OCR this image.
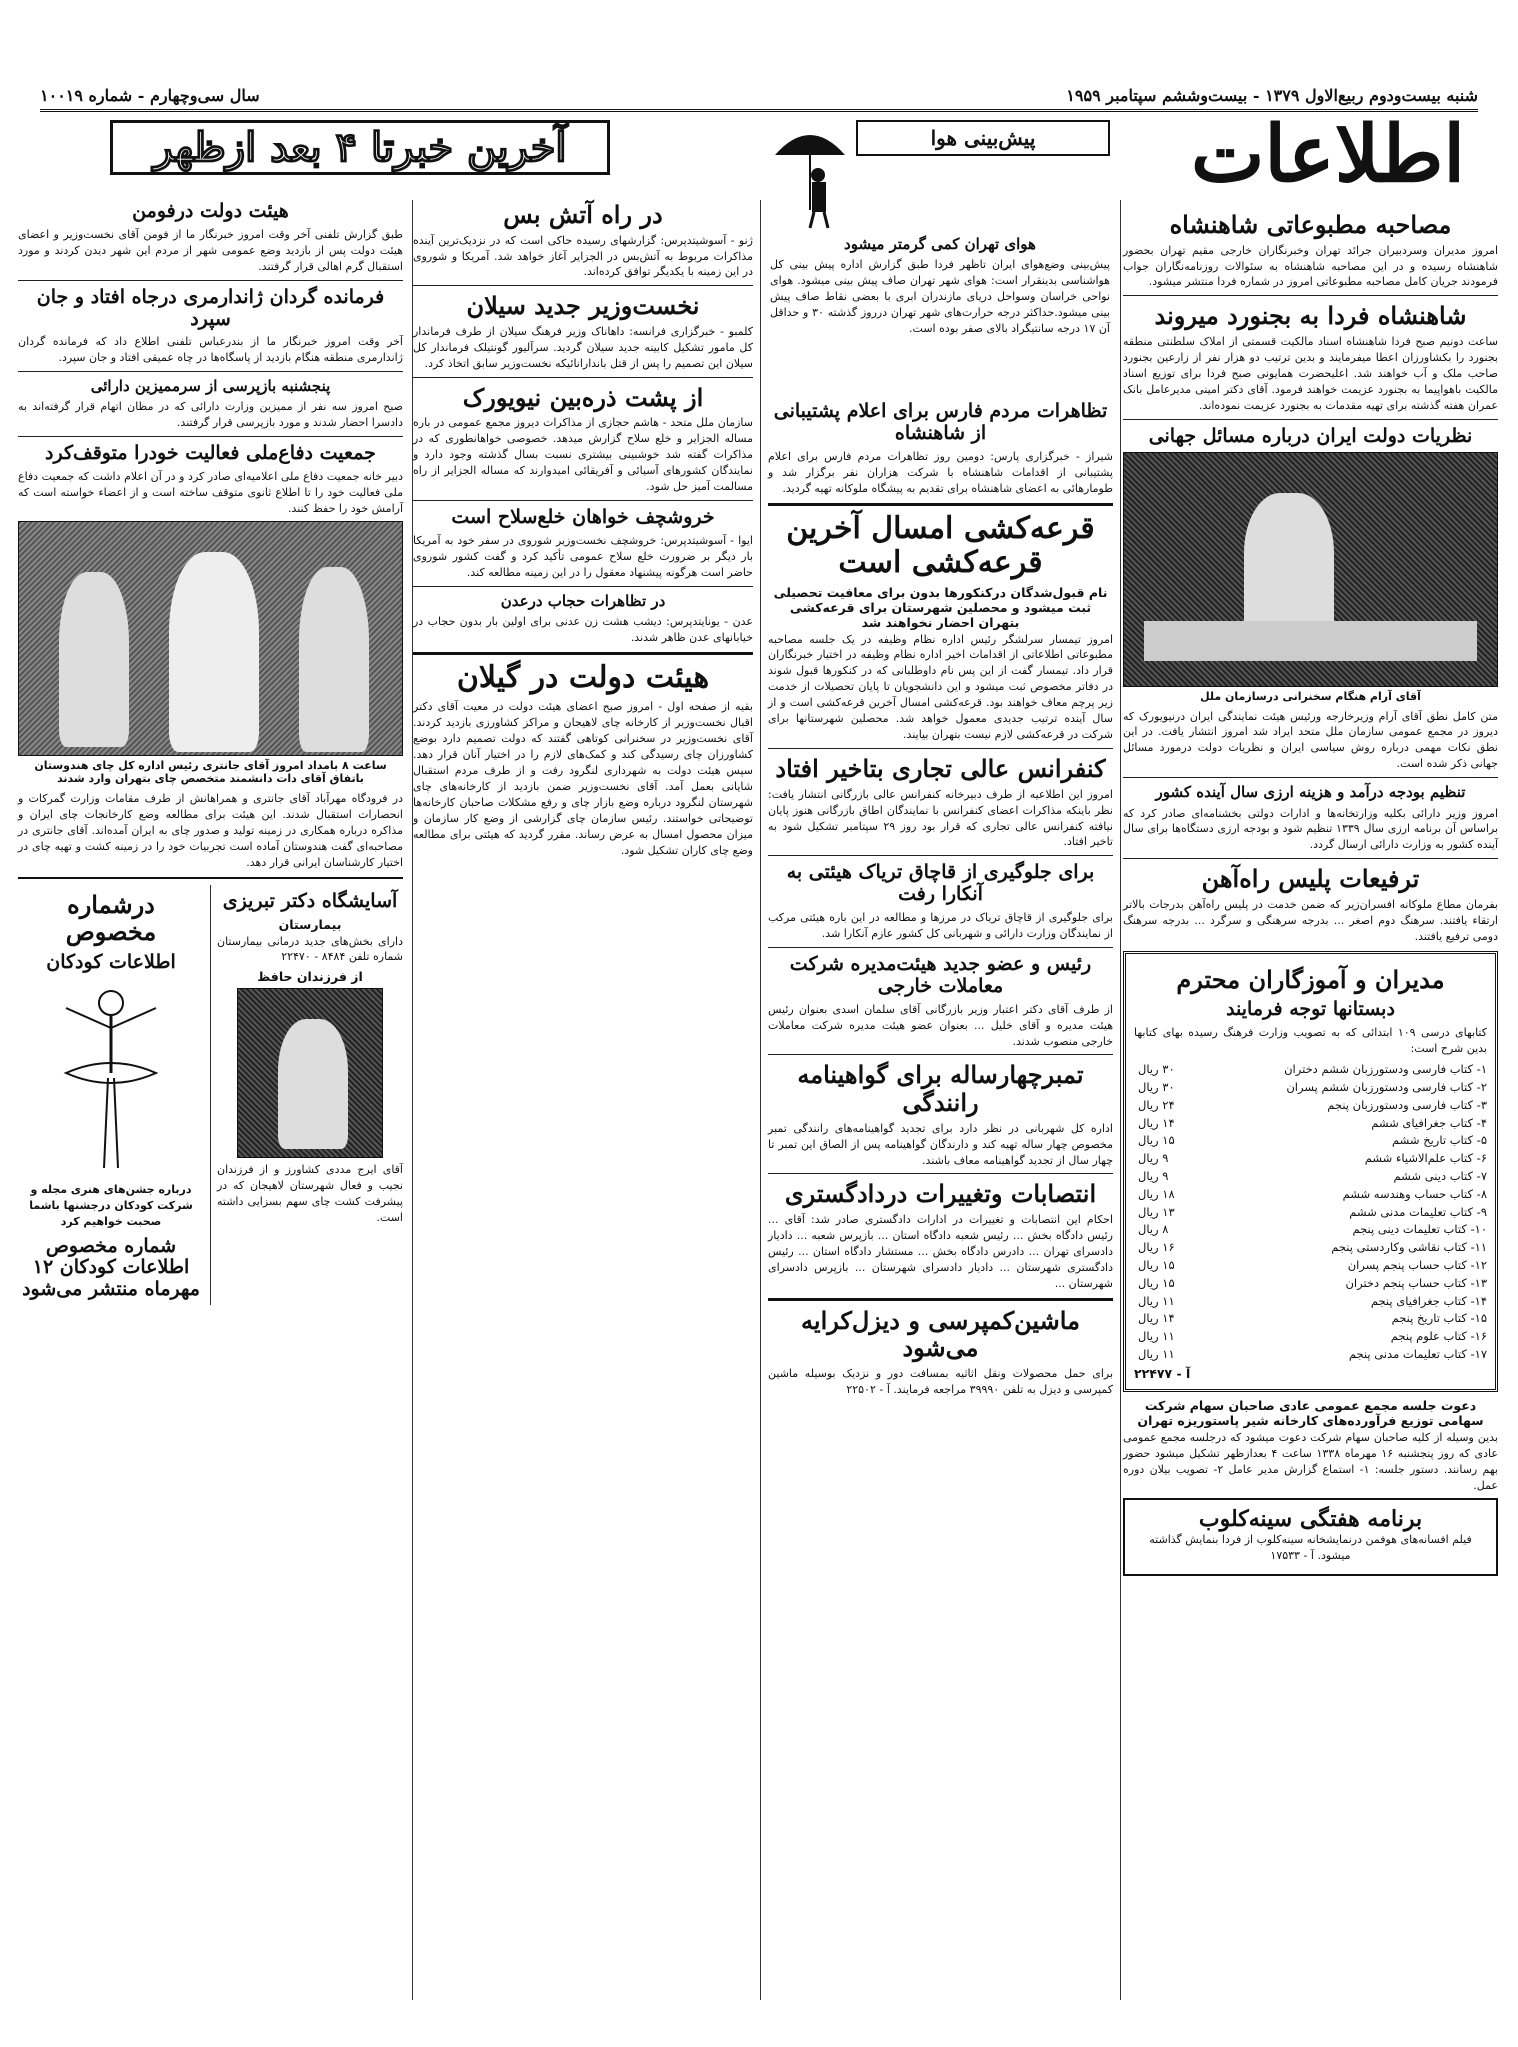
شنبه بیست‌ودوم ربیع‌الاول ۱۳۷۹ - بیست‌وششم سپتامبر ۱۹۵۹
سال سی‌وچهارم - شماره ۱۰۰۱۹
اطلاعات
آخرین خبرتا ۴ بعد ازظهر	پیش‌بینی هوا
هوای تهران کمی گرمتر میشود
پیش‌بینی وضع‌هوای ایران تاظهر فردا طبق گزارش اداره پیش بینی کل هواشناسی بدینقرار است: هوای شهر تهران صاف پیش بینی میشود. هوای نواحی خراسان وسواحل دریای مازندران ابری با بعضی نقاط صاف پیش بینی میشود.حداکثر درجه حرارت‌های شهر تهران درروز گذشته ۳۰ و حداقل آن ۱۷ درجه سانتیگراد بالای صفر بوده است.
مصاحبه مطبوعاتی شاهنشاه
امروز مدیران وسردبیران جرائد تهران وخبرنگاران خارجی مقیم تهران بحضور شاهنشاه رسیده و در این مصاحبه شاهنشاه به سئوالات روزنامه‌نگاران جواب فرمودند جریان کامل مصاحبه مطبوعاتی امروز در شماره فردا منتشر میشود.
شاهنشاه فردا به بجنورد میروند
ساعت دونیم صبح فردا شاهنشاه اسناد مالکیت قسمتی از املاک سلطنتی منطقه بجنورد را بکشاورزان اعطا میفرمایند و بدین ترتیب دو هزار نفر از زارعین بجنورد صاحب ملک و آب خواهند شد. اعلیحضرت همایونی صبح فردا برای توزیع اسناد مالکیت باهواپیما به بجنورد عزیمت خواهند فرمود. آقای دکتر امینی مدیرعامل بانک عمران هفته گذشته برای تهیه مقدمات به بجنورد عزیمت نموده‌اند.
نظریات دولت ایران درباره مسائل جهانی
آقای آرام هنگام سخنرانی درسازمان ملل
متن کامل نطق آقای آرام وزیرخارجه ورئیس هیئت نمایندگی ایران درنیویورک که دیروز در مجمع عمومی سازمان ملل متحد ایراد شد امروز انتشار یافت. در این نطق نکات مهمی درباره روش سیاسی ایران و نظریات دولت درمورد مسائل جهانی ذکر شده است.
تنظیم بودجه درآمد و هزینه ارزی سال آینده کشور
امروز وزیر دارائی بکلیه وزارتخانه‌ها و ادارات دولتی بخشنامه‌ای صادر کرد که براساس آن برنامه ارزی سال ۱۳۳۹ تنظیم شود و بودجه ارزی دستگاه‌ها برای سال آینده کشور به وزارت دارائی ارسال گردد.
ترفیعات پلیس راه‌آهن
بفرمان مطاع ملوکانه افسران‌زیر که ضمن خدمت در پلیس راه‌آهن بدرجات بالاتر ارتقاء یافتند. سرهنگ دوم اصغر ... بدرجه سرهنگی و سرگرد ... بدرجه سرهنگ دومی ترفیع یافتند.
مدیران و آموزگاران محترم
دبستانها توجه فرمایند
کتابهای درسی ۱۰۹ ابتدائی که به تصویب وزارت فرهنگ رسیده بهای کتابها بدین شرح است:
۱- کتاب فارسی ودستورزبان ششم دختران
۳۰ ریال
۲- کتاب فارسی ودستورزبان ششم پسران
۳۰ ریال
۳- کتاب فارسی ودستورزبان پنجم
۲۴ ریال
۴- کتاب جغرافیای ششم
۱۴ ریال
۵- کتاب تاریخ ششم
۱۵ ریال
۶- کتاب علم‌الاشیاء ششم
۹ ریال
۷- کتاب دینی ششم
۹ ریال
۸- کتاب حساب وهندسه ششم
۱۸ ریال
۹- کتاب تعلیمات مدنی ششم
۱۳ ریال
۱۰- کتاب تعلیمات دینی پنجم
۸ ریال
۱۱- کتاب نقاشی وکاردستی پنجم
۱۶ ریال
۱۲- کتاب حساب پنجم پسران
۱۵ ریال
۱۳- کتاب حساب پنجم دختران
۱۵ ریال
۱۴- کتاب جغرافیای پنجم
۱۱ ریال
۱۵- کتاب تاریخ پنجم
۱۴ ریال
۱۶- کتاب علوم پنجم
۱۱ ریال
۱۷- کتاب تعلیمات مدنی پنجم
۱۱ ریال
آ - ۲۲۴۷۷
دعوت جلسه مجمع عمومی عادی صاحبان سهام شرکت سهامی توزیع فرآورده‌های کارخانه شیر پاستوریزه تهران
بدین وسیله از کلیه صاحبان سهام شرکت دعوت میشود که درجلسه مجمع عمومی عادی که روز پنجشنبه ۱۶ مهرماه ۱۳۳۸ ساعت ۴ بعدازظهر تشکیل میشود حضور بهم رسانند. دستور جلسه: ۱- استماع گزارش مدیر عامل ۲- تصویب بیلان دوره عمل.
برنامه هفتگی سینه‌کلوب
فیلم افسانه‌های هوفمن درنمایشخانه سینه‌کلوب از فردا بنمایش گذاشته میشود. آ - ۱۷۵۳۳
تظاهرات مردم فارس برای اعلام پشتیبانی از شاهنشاه
شیراز - خبرگزاری پارس: دومین روز تظاهرات مردم فارس برای اعلام پشتیبانی از اقدامات شاهنشاه با شرکت هزاران نفر برگزار شد و طومارهائی به اعضای شاهنشاه برای تقدیم به پیشگاه ملوکانه تهیه گردید.
قرعه‌کشی امسال آخرین قرعه‌کشی است
نام قبول‌شدگان درکنکورها بدون برای معافیت تحصیلی ثبت میشود و محصلین شهرستان برای قرعه‌کشی بتهران احضار نخواهند شد
امروز تیمسار سرلشگر رئیس اداره نظام وظیفه در یک جلسه مصاحبه مطبوعاتی اطلاعاتی از اقدامات اخیر اداره نظام وظیفه در اختیار خبرنگاران قرار داد. تیمسار گفت از این پس نام داوطلبانی که در کنکورها قبول شوند در دفاتر مخصوص ثبت میشود و این دانشجویان تا پایان تحصیلات از خدمت زیر پرچم معاف خواهند بود. قرعه‌کشی امسال آخرین قرعه‌کشی است و از سال آینده ترتیب جدیدی معمول خواهد شد. محصلین شهرستانها برای شرکت در قرعه‌کشی لازم نیست بتهران بیایند.
کنفرانس عالی تجاری بتاخیر افتاد
امروز این اطلاعیه از طرف دبیرخانه کنفرانس عالی بازرگانی انتشار یافت: نظر باینکه مذاکرات اعضای کنفرانس با نمایندگان اطاق بازرگانی هنوز پایان نیافته کنفرانس عالی تجاری که قرار بود روز ۲۹ سپتامبر تشکیل شود به تاخیر افتاد.
برای جلوگیری از قاچاق تریاک هیئتی به آنکارا رفت
برای جلوگیری از قاچاق تریاک در مرزها و مطالعه در این باره هیئتی مرکب از نمایندگان وزارت دارائی و شهربانی کل کشور عازم آنکارا شد.
رئیس و عضو جدید هیئت‌مدیره شرکت معاملات خارجی
از طرف آقای دکتر اعتبار وزیر بازرگانی آقای سلمان اسدی بعنوان رئیس هیئت مدیره و آقای خلیل ... بعنوان عضو هیئت مدیره شرکت معاملات خارجی منصوب شدند.
تمبرچهارساله برای گواهینامه رانندگی
اداره کل شهربانی در نظر دارد برای تجدید گواهینامه‌های رانندگی تمبر مخصوص چهار ساله تهیه کند و دارندگان گواهینامه پس از الصاق این تمبر تا چهار سال از تجدید گواهینامه معاف باشند.
انتصابات وتغییرات دردادگستری
احکام این انتصابات و تغییرات در ادارات دادگستری صادر شد: آقای ... رئیس دادگاه بخش ... رئیس شعبه دادگاه استان ... بازپرس شعبه ... دادیار دادسرای تهران ... دادرس دادگاه بخش ... مستشار دادگاه استان ... رئیس دادگستری شهرستان ... دادیار دادسرای شهرستان ... بازپرس دادسرای شهرستان ...
ماشین‌کمپرسی و دیزل‌کرایه می‌شود
برای حمل محصولات ونقل اثاثیه بمسافت دور و نزدیک بوسیله ماشین کمپرسی و دیزل به تلفن ۳۹۹۹۰ مراجعه فرمایند. آ - ۲۲۵۰۲
در راه آتش بس
ژنو - آسوشیتدپرس: گزارشهای رسیده حاکی است که در نزدیک‌ترین آینده مذاکرات مربوط به آتش‌بس در الجزایر آغاز خواهد شد. آمریکا و شوروی در این زمینه با یکدیگر توافق کرده‌اند.
نخست‌وزیر جدید سیلان
کلمبو - خبرگزاری فرانسه: داهاناک وزیر فرهنگ سیلان از طرف فرماندار کل مامور تشکیل کابینه جدید سیلان گردید. سرآلیور گونتیلک فرماندار کل سیلان این تصمیم را پس از قتل باندارانائیکه نخست‌وزیر سابق اتخاذ کرد.
از پشت ذره‌بین نیویورک
سازمان ملل متحد - هاشم حجازی از مذاکرات دیروز مجمع عمومی در باره مساله الجزایر و خلع سلاح گزارش میدهد. خصوصی خواهانطوری که در مذاکرات گفته شد خوشبینی بیشتری نسبت بسال گذشته وجود دارد و نمایندگان کشورهای آسیائی و آفریقائی امیدوارند که مساله الجزایر از راه مسالمت آمیز حل شود.
خروشچف خواهان خلع‌سلاح است
ایوا - آسوشیتدپرس: خروشچف نخست‌وزیر شوروی در سفر خود به آمریکا بار دیگر بر ضرورت خلع سلاح عمومی تأکید کرد و گفت کشور شوروی حاضر است هرگونه پیشنهاد معقول را در این زمینه مطالعه کند.
در تظاهرات حجاب درعدن
عدن - یونایتدپرس: دیشب هشت زن عدنی برای اولین بار بدون حجاب در خیابانهای عدن ظاهر شدند.
هیئت دولت در گیلان
بقیه از صفحه اول - امروز صبح اعضای هیئت دولت در معیت آقای دکتر اقبال نخست‌وزیر از کارخانه چای لاهیجان و مراکز کشاورزی بازدید کردند. آقای نخست‌وزیر در سخنرانی کوتاهی گفتند که دولت تصمیم دارد بوضع کشاورزان چای رسیدگی کند و کمک‌های لازم را در اختیار آنان قرار دهد. سپس هیئت دولت به شهرداری لنگرود رفت و از طرف مردم استقبال شایانی بعمل آمد. آقای نخست‌وزیر ضمن بازدید از کارخانه‌های چای شهرستان لنگرود درباره وضع بازار چای و رفع مشکلات صاحبان کارخانه‌ها توضیحاتی خواستند. رئیس سازمان چای گزارشی از وضع کار سازمان و میزان محصول امسال به عرض رساند. مقرر گردید که هیئتی برای مطالعه وضع چای کاران تشکیل شود.
هیئت دولت درفومن
طبق گزارش تلفنی آخر وقت امروز خبرنگار ما از فومن آقای نخست‌وزیر و اعضای هیئت دولت پس از بازدید وضع عمومی شهر از مردم این شهر دیدن کردند و مورد استقبال گرم اهالی قرار گرفتند.
فرمانده گردان ژاندارمری درجاه افتاد و جان سپرد
آخر وقت امروز خبرنگار ما از بندرعباس تلفنی اطلاع داد که فرمانده گردان ژاندارمری منطقه هنگام بازدید از پاسگاه‌ها در چاه عمیقی افتاد و جان سپرد.
پنجشنبه بازپرسی از سرممیزین دارائی
صبح امروز سه نفر از ممیزین وزارت دارائی که در مظان اتهام قرار گرفته‌اند به دادسرا احضار شدند و مورد بازپرسی قرار گرفتند.
جمعیت دفاع‌ملی فعالیت خودرا متوقف‌کرد
دبیر خانه جمعیت دفاع ملی اعلامیه‌ای صادر کرد و در آن اعلام داشت که جمعیت دفاع ملی فعالیت خود را تا اطلاع ثانوی متوقف ساخته است و از اعضاء خواسته است که آرامش خود را حفظ کنند.
ساعت ۸ بامداد امروز آقای جانتری رئیس اداره کل چای هندوستان باتفاق آقای دات دانشمند متخصص چای بتهران وارد شدند
در فرودگاه مهرآباد آقای جانتری و همراهانش از طرف مقامات وزارت گمرکات و انحصارات استقبال شدند. این هیئت برای مطالعه وضع کارخانجات چای ایران و مذاکره درباره همکاری در زمینه تولید و صدور چای به ایران آمده‌اند. آقای جانتری در مصاحبه‌ای گفت هندوستان آماده است تجربیات خود را در زمینه کشت و تهیه چای در اختیار کارشناسان ایرانی قرار دهد.
آسایشگاه دکتر تبریزی
بیمارستان
دارای بخش‌های جدید درمانی بیمارستان شماره تلفن ۸۴۸۴ - ۲۲۴۷۰
از فرزندان حافظ
آقای ایرج مددی کشاورز و از فرزندان نجیب و فعال شهرستان لاهیجان که در پیشرفت کشت چای سهم بسزایی داشته است.
درشماره مخصوص
اطلاعات کودکان
درباره جشن‌های هنری مجله و شرکت کودکان درجشنها باشما صحبت خواهیم کرد
شماره مخصوص اطلاعات کودکان ۱۲ مهرماه منتشر می‌شود
